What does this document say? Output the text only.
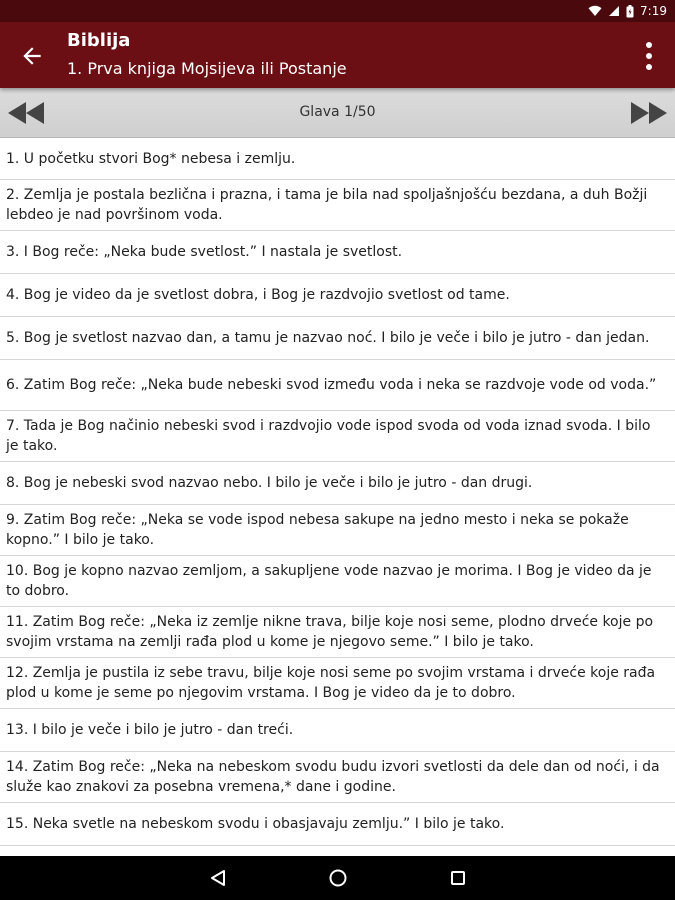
7:19
Biblija
1. Prva knjiga Mojsijeva ili Postanje
Glava 1/50
1. U početku stvori Bog* nebesa i zemlju.
2. Zemlja je postala bezlična i prazna, i tama je bila nad spoljašnjošću bezdana, a duh Božji lebdeo je nad površinom voda.
3. I Bog reče: „Neka bude svetlost.” I nastala je svetlost.
4. Bog je video da je svetlost dobra, i Bog je razdvojio svetlost od tame.
5. Bog je svetlost nazvao dan, a tamu je nazvao noć. I bilo je veče i bilo je jutro - dan jedan.
6. Zatim Bog reče: „Neka bude nebeski svod između voda i neka se razdvoje vode od voda.”
7. Tada je Bog načinio nebeski svod i razdvojio vode ispod svoda od voda iznad svoda. I bilo je tako.
8. Bog je nebeski svod nazvao nebo. I bilo je veče i bilo je jutro - dan drugi.
9. Zatim Bog reče: „Neka se vode ispod nebesa sakupe na jedno mesto i neka se pokaže kopno.” I bilo je tako.
10. Bog je kopno nazvao zemljom, a sakupljene vode nazvao je morima. I Bog je video da je to dobro.
11. Zatim Bog reče: „Neka iz zemlje nikne trava, bilje koje nosi seme, plodno drveće koje po svojim vrstama na zemlji rađa plod u kome je njegovo seme.” I bilo je tako.
12. Zemlja je pustila iz sebe travu, bilje koje nosi seme po svojim vrstama i drveće koje rađa plod u kome je seme po njegovim vrstama. I Bog je video da je to dobro.
13. I bilo je veče i bilo je jutro - dan treći.
14. Zatim Bog reče: „Neka na nebeskom svodu budu izvori svetlosti da dele dan od noći, i da služe kao znakovi za posebna vremena,* dane i godine.
15. Neka svetle na nebeskom svodu i obasjavaju zemlju.” I bilo je tako.
